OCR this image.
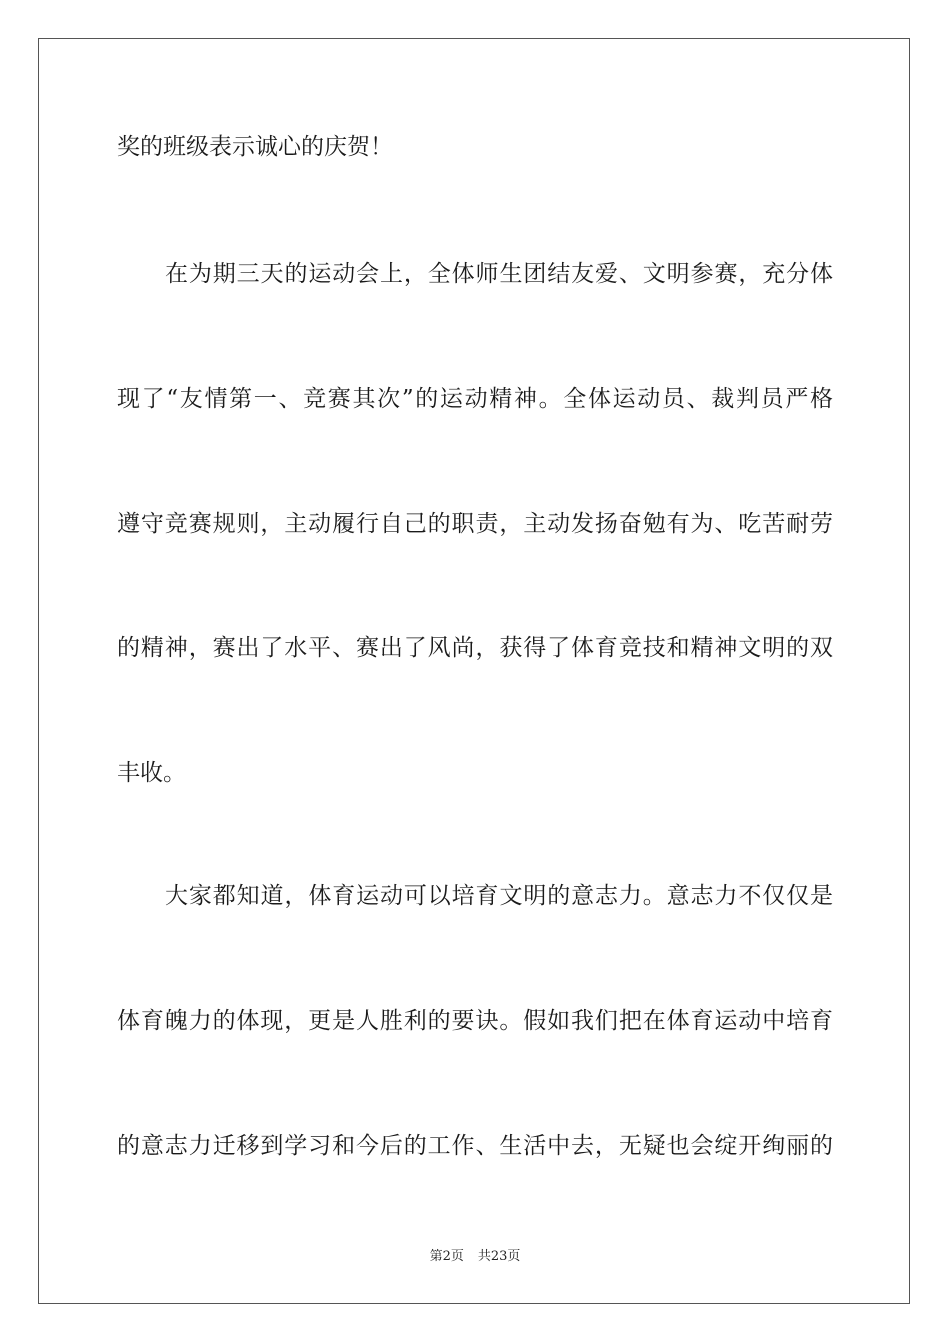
奖的班级表示诚心的庆贺！
在为期三天的运动会上，全体师生团结友爱、文明参赛，充分体
现了“友情第一、竞赛其次”的运动精神。全体运动员、裁判员严格
遵守竞赛规则，主动履行自己的职责，主动发扬奋勉有为、吃苦耐劳
的精神，赛出了水平、赛出了风尚，获得了体育竞技和精神文明的双
丰收。
大家都知道，体育运动可以培育文明的意志力。意志力不仅仅是
体育魄力的体现，更是人胜利的要诀。假如我们把在体育运动中培育
的意志力迁移到学习和今后的工作、生活中去，无疑也会绽开绚丽的
第2页 共23页
